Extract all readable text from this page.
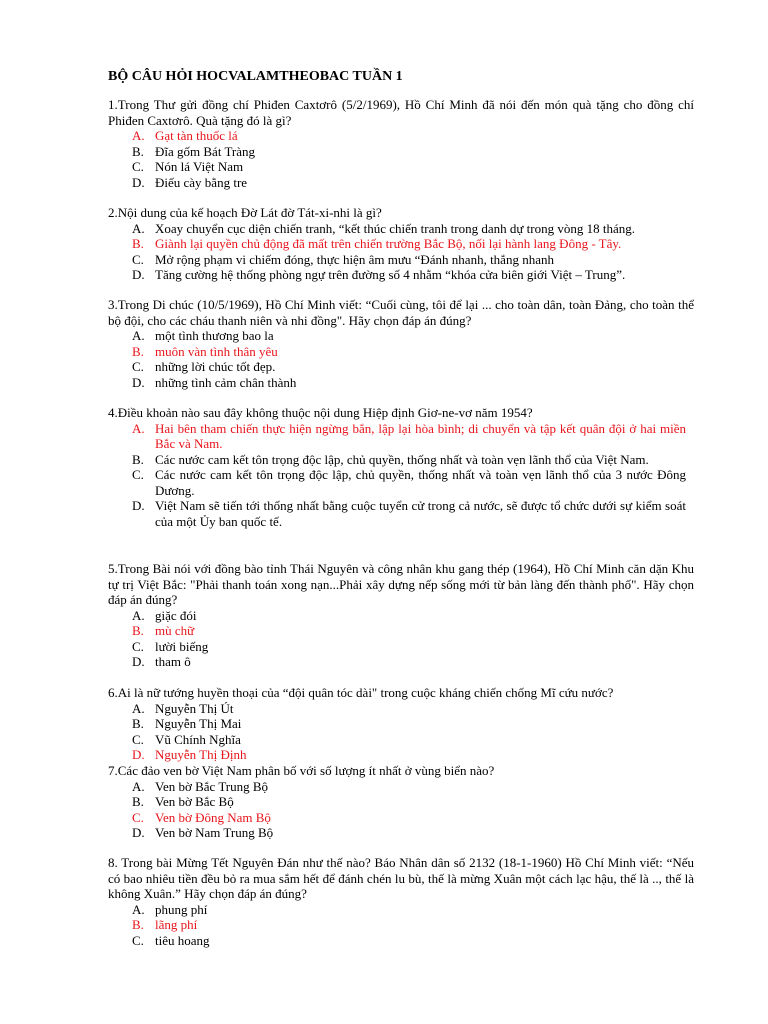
BỘ CÂU HỎI HOCVALAMTHEOBAC TUẦN 1

1.Trong Thư gửi đồng chí Phiđen Caxtơrô (5/2/1969), Hồ Chí Minh đã nói đến món quà tặng cho đồng chí Phiđen Caxtơrô. Quà tặng đó là gì?

A. Gạt tàn thuốc lá
B. Đĩa gốm Bát Tràng
C. Nón lá Việt Nam
D. Điếu cày bằng tre

2.Nội dung của kế hoạch Đờ Lát đờ Tát-xi-nhi là gì?

A. Xoay chuyển cục diện chiến tranh, “kết thúc chiến tranh trong danh dự trong vòng 18 tháng.
B. Giành lại quyền chủ động đã mất trên chiến trường Bắc Bộ, nối lại hành lang Đông - Tây.
C. Mở rộng phạm vi chiếm đóng, thực hiện âm mưu “Đánh nhanh, thắng nhanh
D. Tăng cường hệ thống phòng ngự trên đường số 4 nhằm “khóa cửa biên giới Việt – Trung”.

3.Trong Di chúc (10/5/1969), Hồ Chí Minh viết: “Cuối cùng, tôi để lại ... cho toàn dân, toàn Đảng, cho toàn thể bộ đội, cho các cháu thanh niên và nhi đồng". Hãy chọn đáp án đúng?

A. một tình thương bao la
B. muôn vàn tình thân yêu
C. những lời chúc tốt đẹp.
D. những tình cảm chân thành

4.Điều khoản nào sau đây không thuộc nội dung Hiệp định Giơ-ne-vơ năm 1954?

A. Hai bên tham chiến thực hiện ngừng bắn, lập lại hòa bình; di chuyển và tập kết quân đội ở hai miền Bắc và Nam.
B. Các nước cam kết tôn trọng độc lập, chủ quyền, thống nhất và toàn vẹn lãnh thổ của Việt Nam.
C. Các nước cam kết tôn trọng độc lập, chủ quyền, thống nhất và toàn vẹn lãnh thổ của 3 nước Đông Dương.
D. Việt Nam sẽ tiến tới thống nhất bằng cuộc tuyển cử trong cả nước, sẽ được tổ chức dưới sự kiểm soát của một Ủy ban quốc tế.

5.Trong Bài nói với đồng bào tỉnh Thái Nguyên và công nhân khu gang thép (1964), Hồ Chí Minh căn dặn Khu tự trị Việt Bắc: "Phải thanh toán xong nạn...Phải xây dựng nếp sống mới từ bản làng đến thành phố". Hãy chọn đáp án đúng?

A. giặc đói
B. mù chữ
C. lười biếng
D. tham ô

6.Ai là nữ tướng huyền thoại của “đội quân tóc dài" trong cuộc kháng chiến chống Mĩ cứu nước?

A. Nguyễn Thị Út
B. Nguyễn Thị Mai
C. Vũ Chính Nghĩa
D. Nguyễn Thị Định

7.Các đảo ven bờ Việt Nam phân bố với số lượng ít nhất ở vùng biển nào?

A. Ven bờ Bắc Trung Bộ
B. Ven bờ Bắc Bộ
C. Ven bờ Đông Nam Bộ
D. Ven bờ Nam Trung Bộ

8. Trong bài Mừng Tết Nguyên Đán như thế nào? Báo Nhân dân số 2132 (18-1-1960) Hồ Chí Minh viết: “Nếu có bao nhiêu tiền đều bỏ ra mua sắm hết để đánh chén lu bù, thế là mừng Xuân một cách lạc hậu, thế là .., thế là không Xuân.” Hãy chọn đáp án đúng?

A. phung phí
B. lãng phí
C. tiêu hoang
